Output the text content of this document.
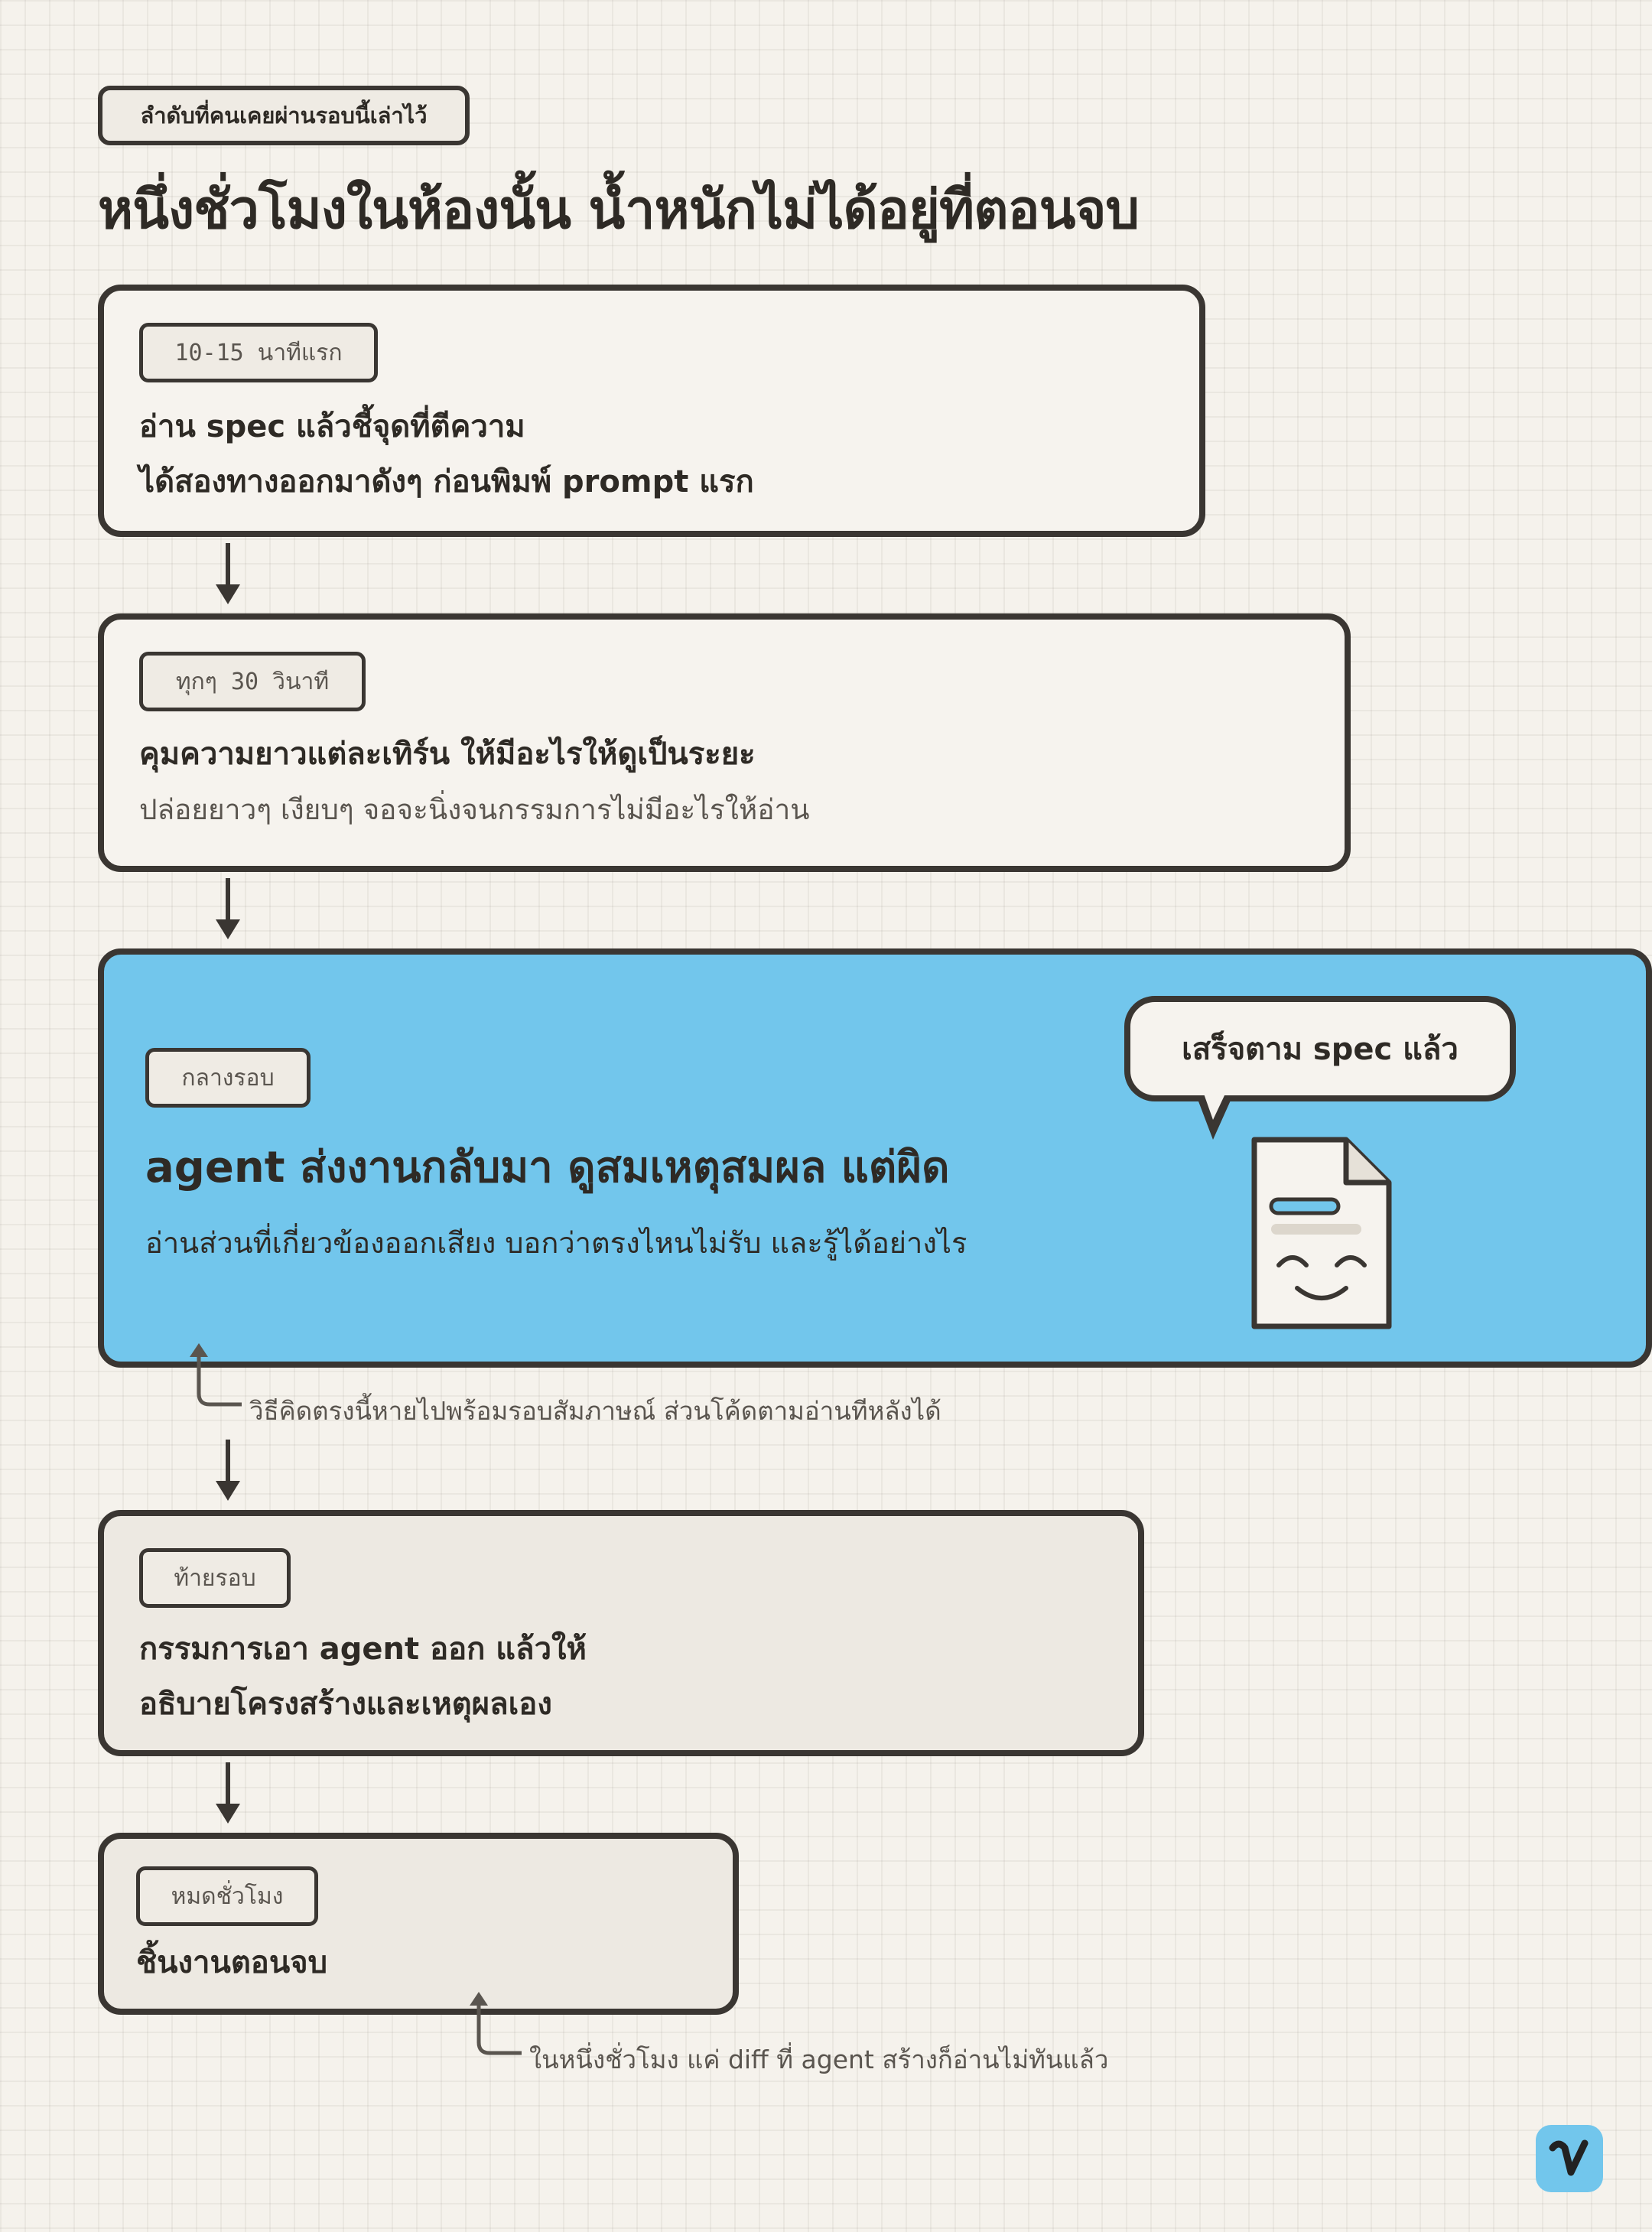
ลำดับที่คนเคยผ่านรอบนี้เล่าไว้
หนึ่งชั่วโมงในห้องนั้น น้ำหนักไม่ได้อยู่ที่ตอนจบ
10-15 นาทีแรก
อ่าน spec แล้วชี้จุดที่ตีความ
ได้สองทางออกมาดังๆ ก่อนพิมพ์ prompt แรก
ทุกๆ 30 วินาที
คุมความยาวแต่ละเทิร์น ให้มีอะไรให้ดูเป็นระยะ
ปล่อยยาวๆ เงียบๆ จอจะนิ่งจนกรรมการไม่มีอะไรให้อ่าน
กลางรอบ
agent ส่งงานกลับมา ดูสมเหตุสมผล แต่ผิด
อ่านส่วนที่เกี่ยวข้องออกเสียง บอกว่าตรงไหนไม่รับ และรู้ได้อย่างไร
เสร็จตาม spec แล้ว
วิธีคิดตรงนี้หายไปพร้อมรอบสัมภาษณ์ ส่วนโค้ดตามอ่านทีหลังได้
ท้ายรอบ
กรรมการเอา agent ออก แล้วให้
อธิบายโครงสร้างและเหตุผลเอง
หมดชั่วโมง
ชิ้นงานตอนจบ
ในหนึ่งชั่วโมง แค่ diff ที่ agent สร้างก็อ่านไม่ทันแล้ว
